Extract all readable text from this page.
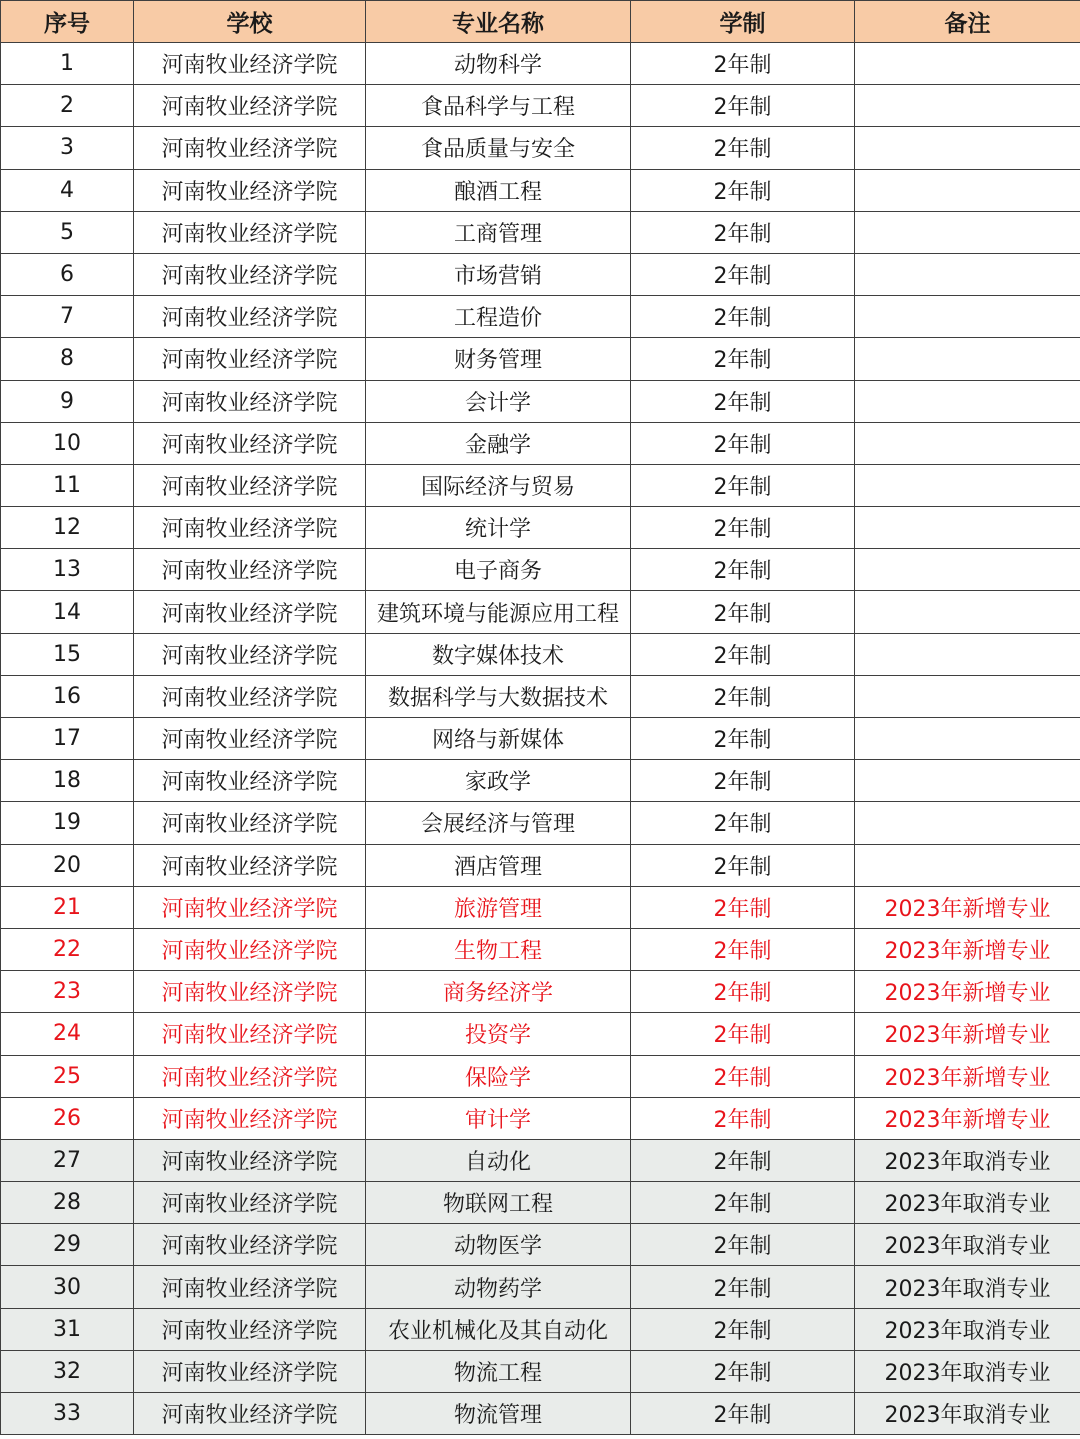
序号	学校	专业名称	学制	备注
1	河南牧业经济学院	动物科学	2年制	
2	河南牧业经济学院	食品科学与工程	2年制	
3	河南牧业经济学院	食品质量与安全	2年制	
4	河南牧业经济学院	酿酒工程	2年制	
5	河南牧业经济学院	工商管理	2年制	
6	河南牧业经济学院	市场营销	2年制	
7	河南牧业经济学院	工程造价	2年制	
8	河南牧业经济学院	财务管理	2年制	
9	河南牧业经济学院	会计学	2年制	
10	河南牧业经济学院	金融学	2年制	
11	河南牧业经济学院	国际经济与贸易	2年制	
12	河南牧业经济学院	统计学	2年制	
13	河南牧业经济学院	电子商务	2年制	
14	河南牧业经济学院	建筑环境与能源应用工程	2年制	
15	河南牧业经济学院	数字媒体技术	2年制	
16	河南牧业经济学院	数据科学与大数据技术	2年制	
17	河南牧业经济学院	网络与新媒体	2年制	
18	河南牧业经济学院	家政学	2年制	
19	河南牧业经济学院	会展经济与管理	2年制	
20	河南牧业经济学院	酒店管理	2年制	
21	河南牧业经济学院	旅游管理	2年制	2023年新增专业
22	河南牧业经济学院	生物工程	2年制	2023年新增专业
23	河南牧业经济学院	商务经济学	2年制	2023年新增专业
24	河南牧业经济学院	投资学	2年制	2023年新增专业
25	河南牧业经济学院	保险学	2年制	2023年新增专业
26	河南牧业经济学院	审计学	2年制	2023年新增专业
27	河南牧业经济学院	自动化	2年制	2023年取消专业
28	河南牧业经济学院	物联网工程	2年制	2023年取消专业
29	河南牧业经济学院	动物医学	2年制	2023年取消专业
30	河南牧业经济学院	动物药学	2年制	2023年取消专业
31	河南牧业经济学院	农业机械化及其自动化	2年制	2023年取消专业
32	河南牧业经济学院	物流工程	2年制	2023年取消专业
33	河南牧业经济学院	物流管理	2年制	2023年取消专业
